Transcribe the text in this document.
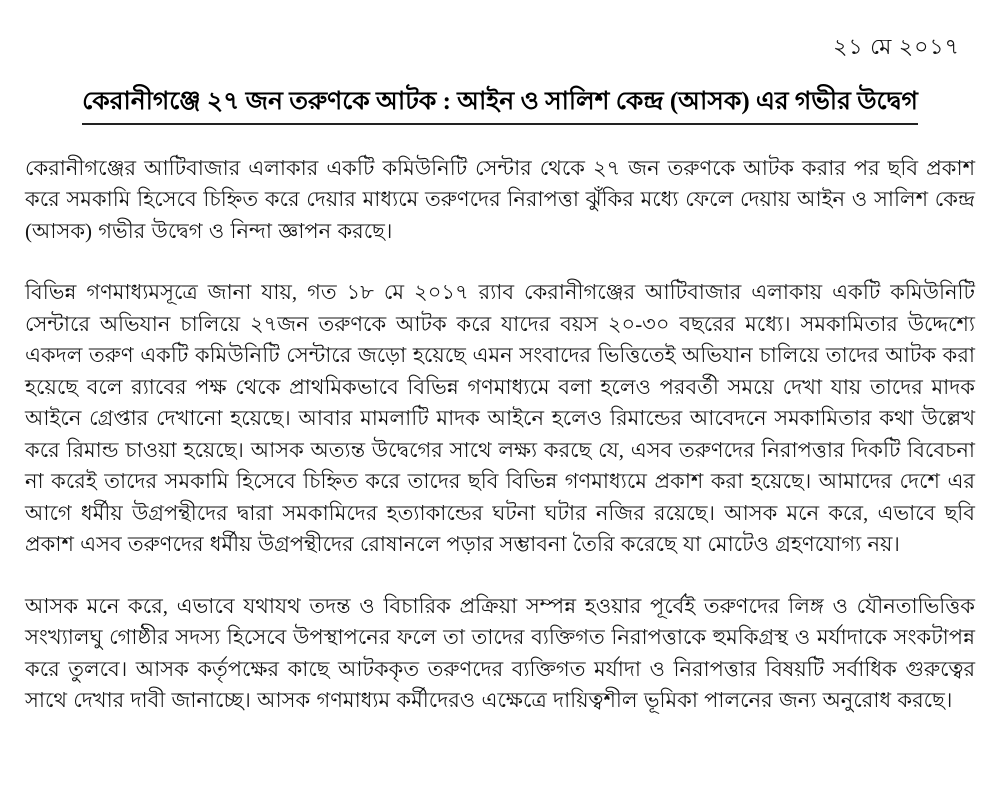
২১ মে ২০১৭
কেরানীগঞ্জে ২৭ জন তরুণকে আটক : আইন ও সালিশ কেন্দ্র (আসক) এর গভীর উদ্বেগ

কেরানীগঞ্জের আটিবাজার এলাকার একটি কমিউনিটি সেন্টার থেকে ২৭ জন তরুণকে আটক করার পর ছবি প্রকাশ করে সমকামি হিসেবে চিহ্নিত করে দেয়ার মাধ্যমে তরুণদের নিরাপত্তা ঝুঁকির মধ্যে ফেলে দেয়ায় আইন ও সালিশ কেন্দ্র (আসক) গভীর উদ্বেগ ও নিন্দা জ্ঞাপন করছে।

বিভিন্ন গণমাধ্যমসূত্রে জানা যায়, গত ১৮ মে ২০১৭ র‍্যাব কেরানীগঞ্জের আটিবাজার এলাকায় একটি কমিউনিটি সেন্টারে অভিযান চালিয়ে ২৭জন তরুণকে আটক করে যাদের বয়স ২০-৩০ বছরের মধ্যে। সমকামিতার উদ্দেশ্যে একদল তরুণ একটি কমিউনিটি সেন্টারে জড়ো হয়েছে এমন সংবাদের ভিত্তিতেই অভিযান চালিয়ে তাদের আটক করা হয়েছে বলে র‍্যাবের পক্ষ থেকে প্রাথমিকভাবে বিভিন্ন গণমাধ্যমে বলা হলেও পরবর্তী সময়ে দেখা যায় তাদের মাদক আইনে গ্রেপ্তার দেখানো হয়েছে। আবার মামলাটি মাদক আইনে হলেও রিমান্ডের আবেদনে সমকামিতার কথা উল্লেখ করে রিমান্ড চাওয়া হয়েছে। আসক অত্যন্ত উদ্বেগের সাথে লক্ষ্য করছে যে, এসব তরুণদের নিরাপত্তার দিকটি বিবেচনা না করেই তাদের সমকামি হিসেবে চিহ্নিত করে তাদের ছবি বিভিন্ন গণমাধ্যমে প্রকাশ করা হয়েছে। আমাদের দেশে এর আগে ধর্মীয় উগ্রপন্থীদের দ্বারা সমকামিদের হত্যাকান্ডের ঘটনা ঘটার নজির রয়েছে। আসক মনে করে, এভাবে ছবি প্রকাশ এসব তরুণদের ধর্মীয় উগ্রপন্থীদের রোষানলে পড়ার সম্ভাবনা তৈরি করেছে যা মোটেও গ্রহণযোগ্য নয়।

আসক মনে করে, এভাবে যথাযথ তদন্ত ও বিচারিক প্রক্রিয়া সম্পন্ন হওয়ার পূর্বেই তরুণদের লিঙ্গ ও যৌনতাভিত্তিক সংখ্যালঘু গোষ্ঠীর সদস্য হিসেবে উপস্থাপনের ফলে তা তাদের ব্যক্তিগত নিরাপত্তাকে হুমকিগ্রস্থ ও মর্যাদাকে সংকটাপন্ন করে তুলবে। আসক কর্তৃপক্ষের কাছে আটককৃত তরুণদের ব্যক্তিগত মর্যাদা ও নিরাপত্তার বিষয়টি সর্বাধিক গুরুত্বের সাথে দেখার দাবী জানাচ্ছে। আসক গণমাধ্যম কর্মীদেরও এক্ষেত্রে দায়িত্বশীল ভূমিকা পালনের জন্য অনুরোধ করছে।
